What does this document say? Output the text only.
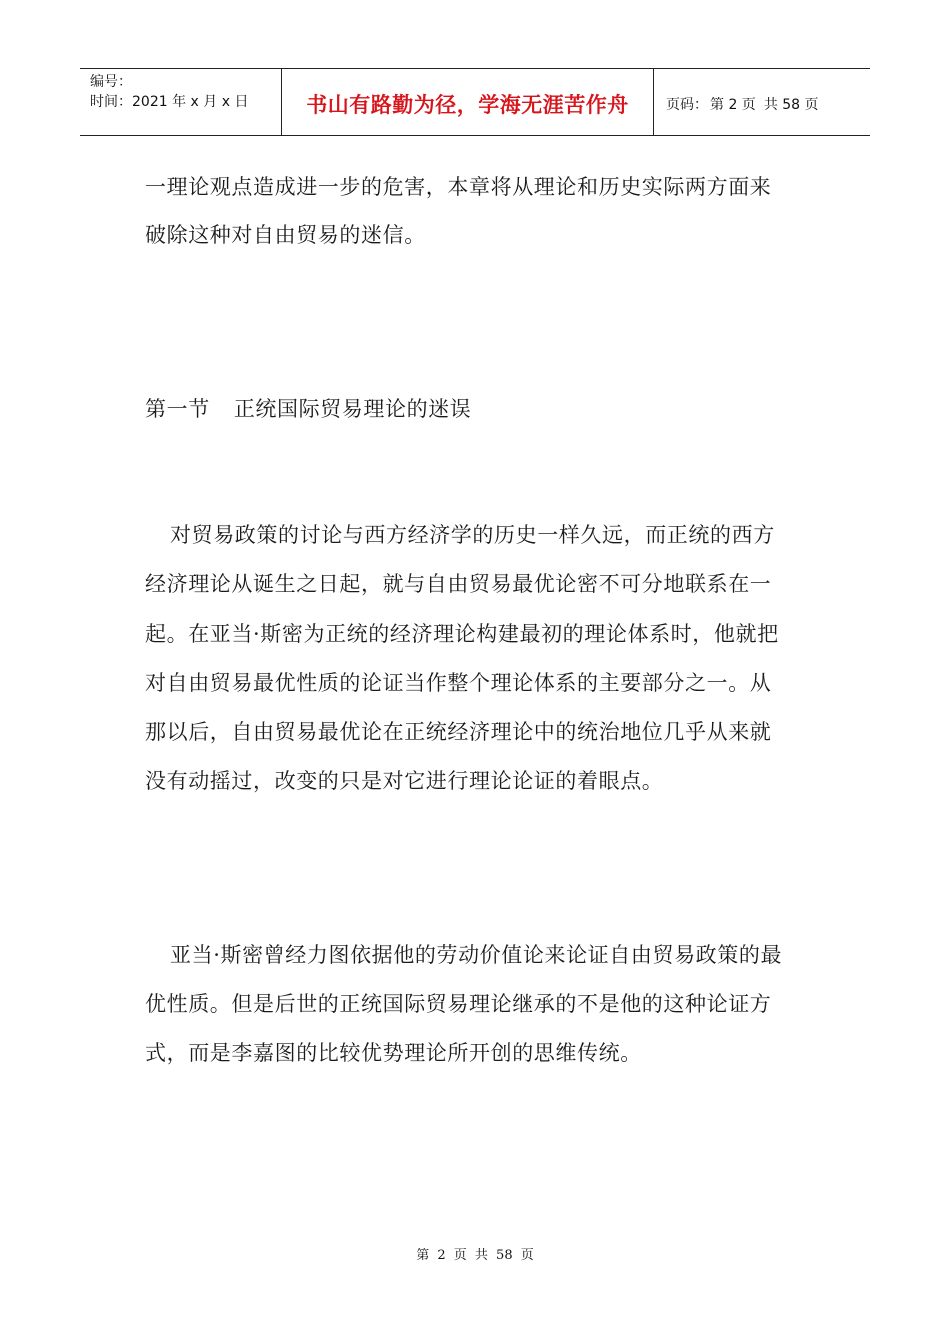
编号：
时间：2021 年 x 月 x 日	书山有路勤为径，学海无涯苦作舟	页码： 第 2 页 共 58 页
一理论观点造成进一步的危害，本章将从理论和历史实际两方面来
破除这种对自由贸易的迷信。
第一节 正统国际贸易理论的迷误
对贸易政策的讨论与西方经济学的历史一样久远，而正统的西方
经济理论从诞生之日起，就与自由贸易最优论密不可分地联系在一
起。在亚当·斯密为正统的经济理论构建最初的理论体系时，他就把
对自由贸易最优性质的论证当作整个理论体系的主要部分之一。从
那以后，自由贸易最优论在正统经济理论中的统治地位几乎从来就
没有动摇过，改变的只是对它进行理论论证的着眼点。
亚当·斯密曾经力图依据他的劳动价值论来论证自由贸易政策的最
优性质。但是后世的正统国际贸易理论继承的不是他的这种论证方
式，而是李嘉图的比较优势理论所开创的思维传统。
第 2 页 共 58 页
